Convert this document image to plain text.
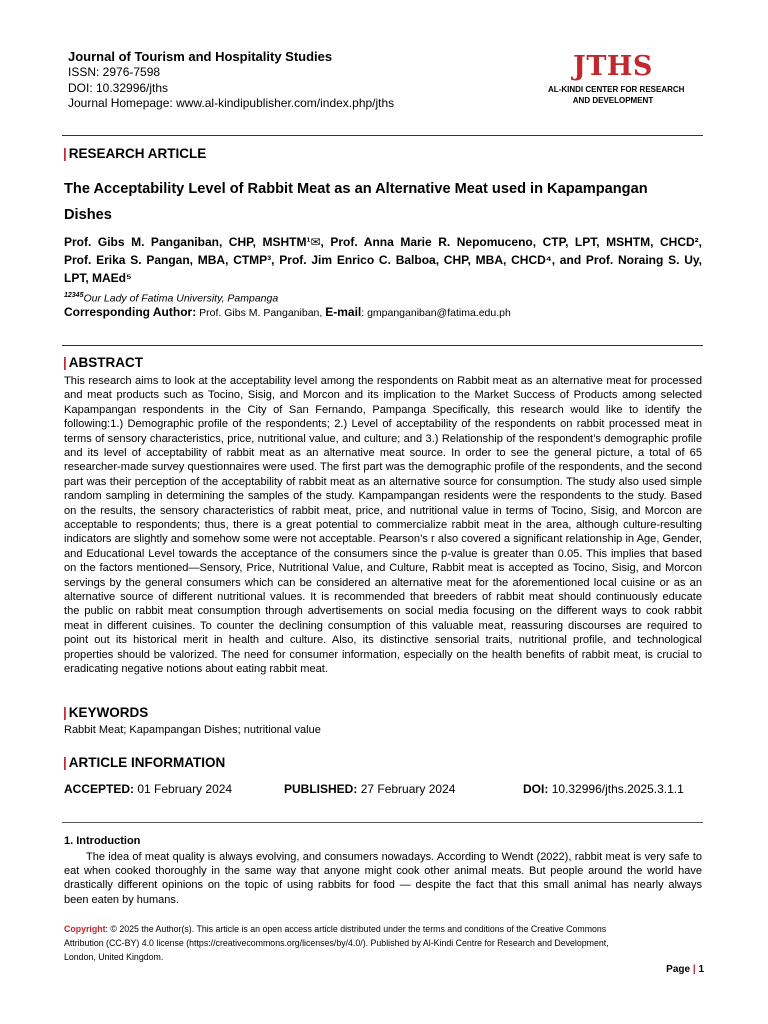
Journal of Tourism and Hospitality Studies
ISSN: 2976-7598
DOI: 10.32996/jths
Journal Homepage: www.al-kindipublisher.com/index.php/jths
JTHS
AL-KINDI CENTER FOR RESEARCH
AND DEVELOPMENT
| RESEARCH ARTICLE
The Acceptability Level of Rabbit Meat as an Alternative Meat used in Kapampangan
Dishes
Prof. Gibs M. Panganiban, CHP, MSHTM¹✉, Prof. Anna Marie R. Nepomuceno, CTP, LPT, MSHTM, CHCD²,
Prof. Erika S. Pangan, MBA, CTMP³, Prof. Jim Enrico C. Balboa, CHP, MBA, CHCD⁴, and Prof. Noraing S. Uy,
LPT, MAEd⁵
$^{12345}$Our Lady of Fatima University, Pampanga
Corresponding Author: Prof. Gibs M. Panganiban, E-mail: gmpanganiban@fatima.edu.ph
| ABSTRACT
This research aims to look at the acceptability level among the respondents on Rabbit meat as an alternative meat for processed
and meat products such as Tocino, Sisig, and Morcon and its implication to the Market Success of Products among selected
Kapampangan respondents in the City of San Fernando, Pampanga Specifically, this research would like to identify the
following:1.) Demographic profile of the respondents; 2.) Level of acceptability of the respondents on rabbit processed meat in
terms of sensory characteristics, price, nutritional value, and culture; and 3.) Relationship of the respondent’s demographic profile
and its level of acceptability of rabbit meat as an alternative meat source. In order to see the general picture, a total of 65
researcher-made survey questionnaires were used. The first part was the demographic profile of the respondents, and the second
part was their perception of the acceptability of rabbit meat as an alternative source for consumption. The study also used simple
random sampling in determining the samples of the study. Kampampangan residents were the respondents to the study. Based
on the results, the sensory characteristics of rabbit meat, price, and nutritional value in terms of Tocino, Sisig, and Morcon are
acceptable to respondents; thus, there is a great potential to commercialize rabbit meat in the area, although culture-resulting
indicators are slightly and somehow some were not acceptable. Pearson’s r also covered a significant relationship in Age, Gender,
and Educational Level towards the acceptance of the consumers since the p-value is greater than 0.05. This implies that based
on the factors mentioned—Sensory, Price, Nutritional Value, and Culture, Rabbit meat is accepted as Tocino, Sisig, and Morcon
servings by the general consumers which can be considered an alternative meat for the aforementioned local cuisine or as an
alternative source of different nutritional values. It is recommended that breeders of rabbit meat should continuously educate
the public on rabbit meat consumption through advertisements on social media focusing on the different ways to cook rabbit
meat in different cuisines. To counter the declining consumption of this valuable meat, reassuring discourses are required to
point out its historical merit in health and culture. Also, its distinctive sensorial traits, nutritional profile, and technological
properties should be valorized. The need for consumer information, especially on the health benefits of rabbit meat, is crucial to
eradicating negative notions about eating rabbit meat.
| KEYWORDS
Rabbit Meat; Kapampangan Dishes; nutritional value
| ARTICLE INFORMATION
ACCEPTED: 01 February 2024	PUBLISHED: 27 February 2024	DOI: 10.32996/jths.2025.3.1.1
1. Introduction
The idea of meat quality is always evolving, and consumers nowadays. According to Wendt (2022), rabbit meat is very safe to
eat when cooked thoroughly in the same way that anyone might cook other animal meats. But people around the world have
drastically different opinions on the topic of using rabbits for food — despite the fact that this small animal has nearly always
been eaten by humans.
Copyright: © 2025 the Author(s). This article is an open access article distributed under the terms and conditions of the Creative Commons
Attribution (CC-BY) 4.0 license (https://creativecommons.org/licenses/by/4.0/). Published by Al-Kindi Centre for Research and Development,
London, United Kingdom.
Page | 1
